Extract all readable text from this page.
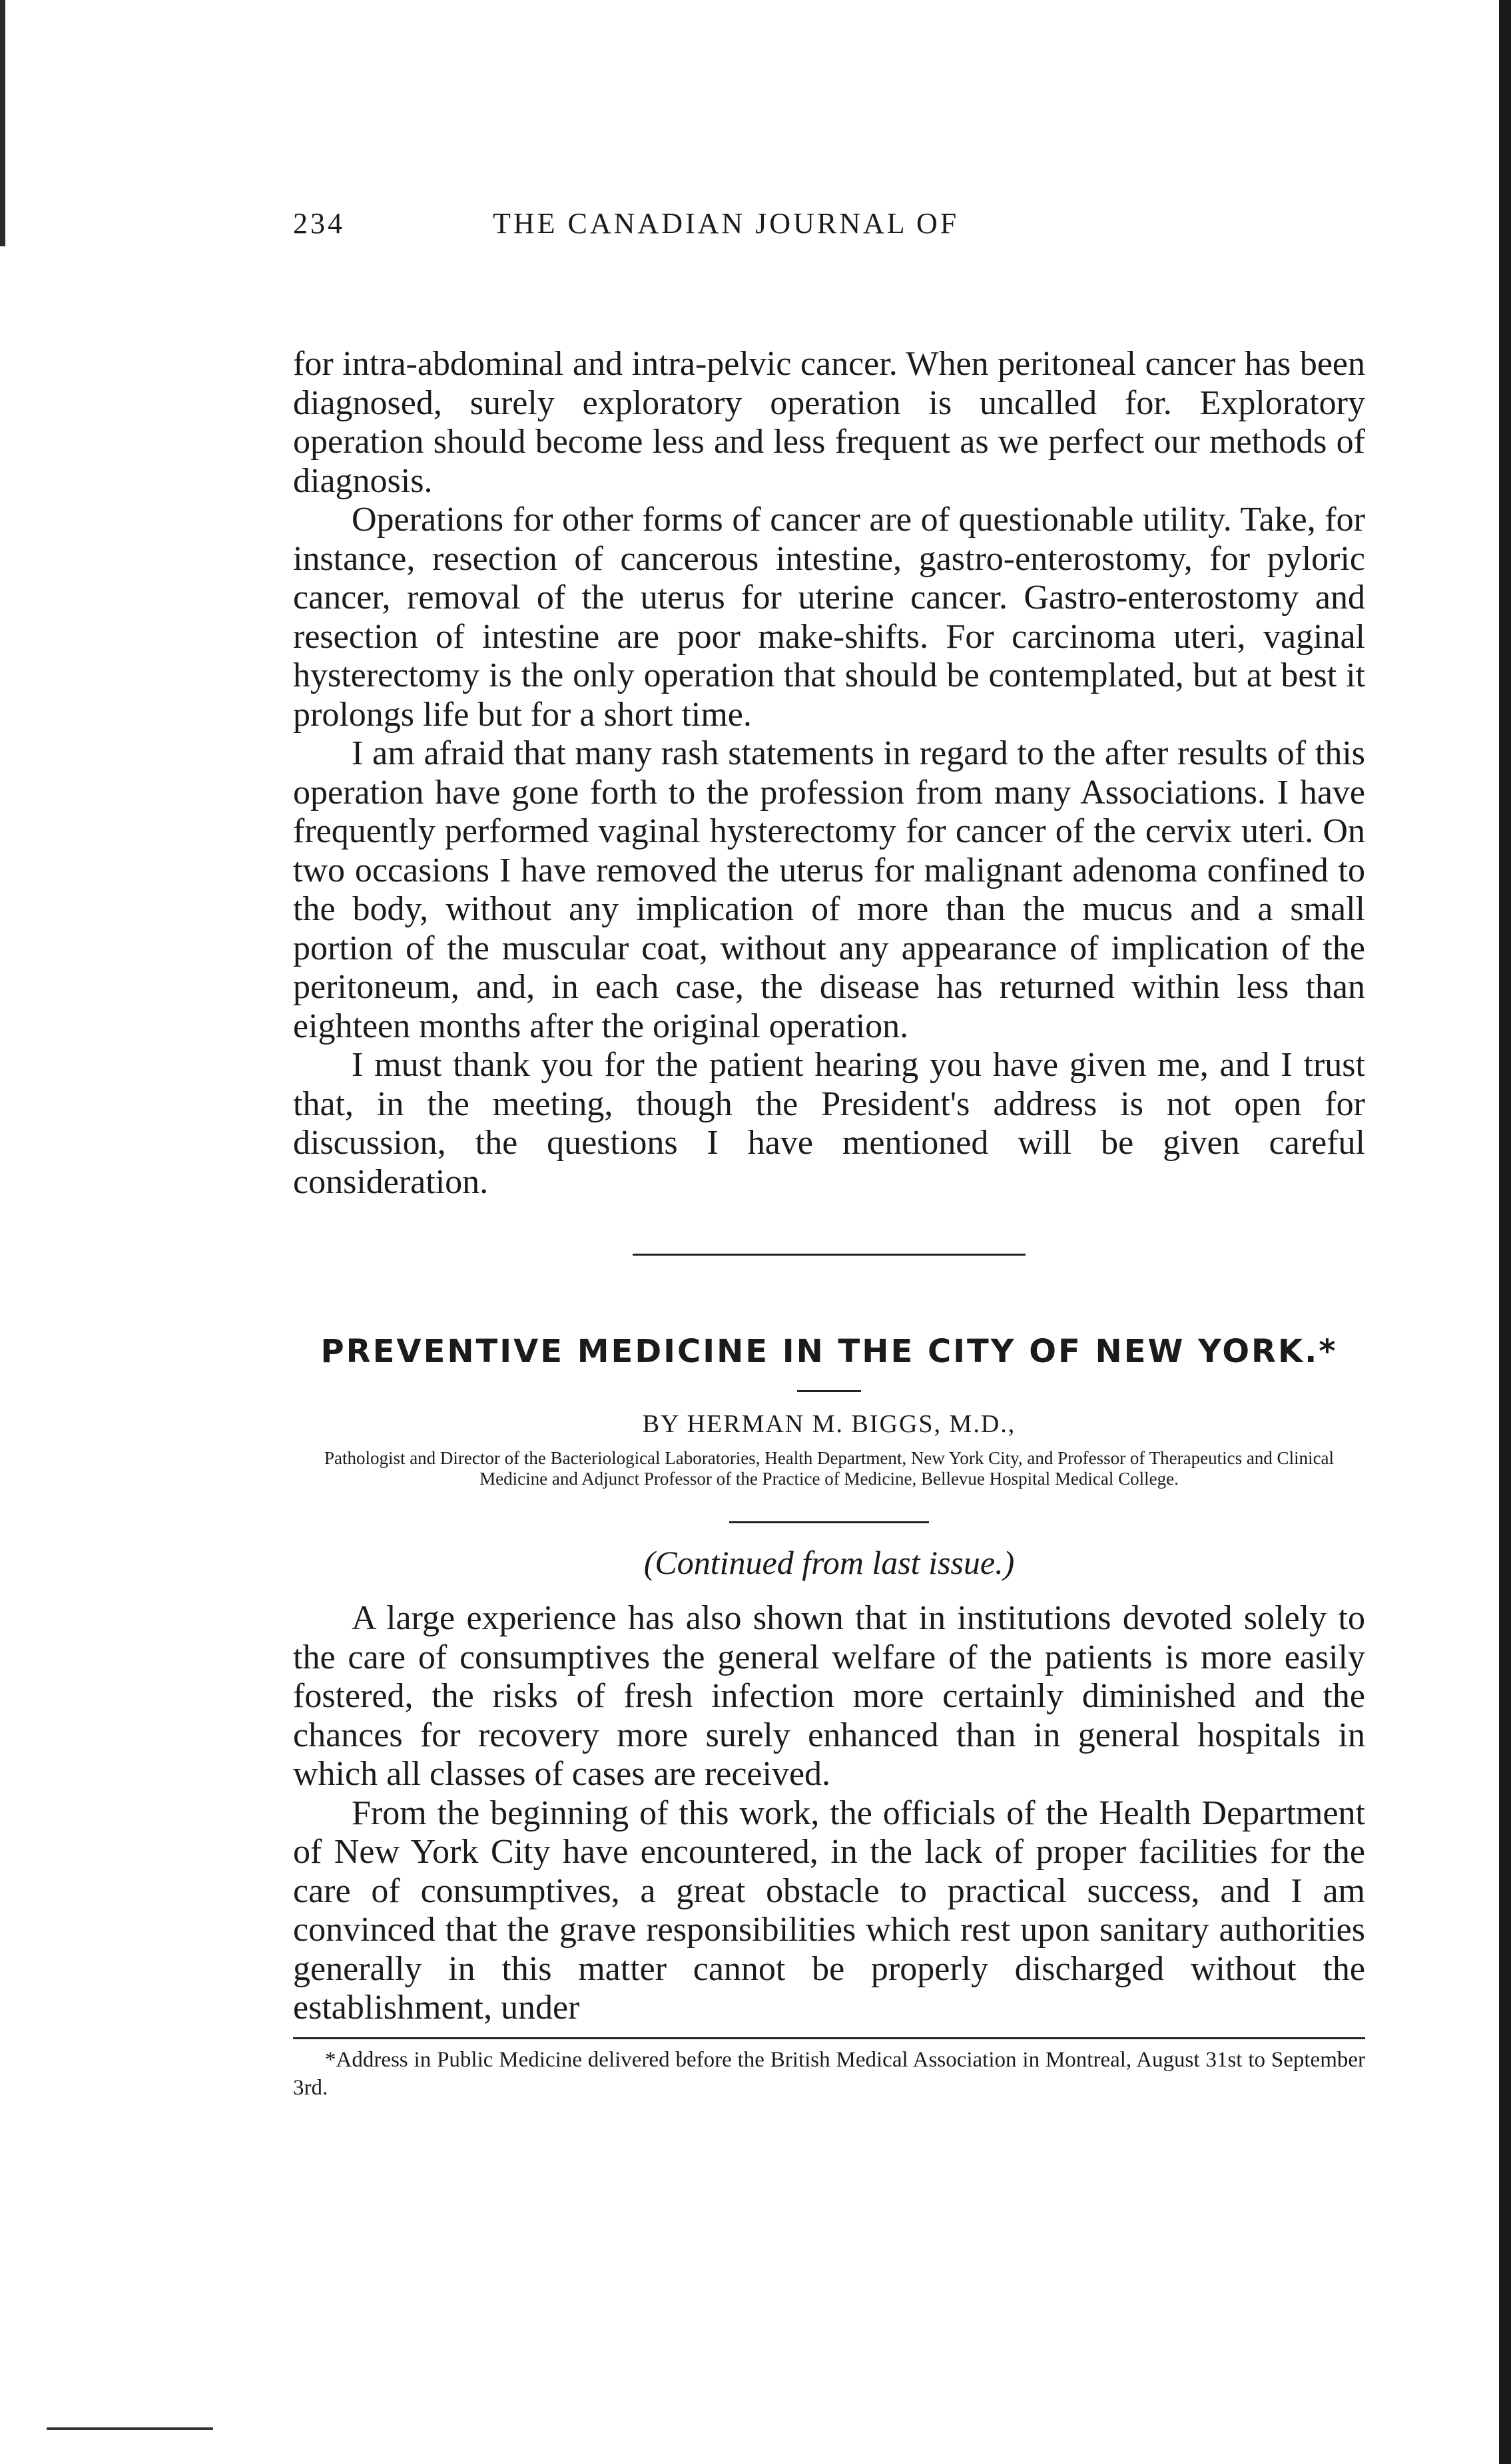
234	THE CANADIAN JOURNAL OF

for intra-abdominal and intra-pelvic cancer. When peritoneal cancer has been diagnosed, surely exploratory operation is uncalled for. Exploratory operation should become less and less frequent as we perfect our methods of diagnosis.

Operations for other forms of cancer are of questionable utility. Take, for instance, resection of cancerous intestine, gastro-enterostomy, for pyloric cancer, removal of the uterus for uterine cancer. Gastro-enterostomy and resection of intestine are poor make-shifts. For carcinoma uteri, vaginal hysterectomy is the only operation that should be contemplated, but at best it prolongs life but for a short time.

I am afraid that many rash statements in regard to the after results of this operation have gone forth to the profession from many Associations. I have frequently performed vaginal hysterectomy for cancer of the cervix uteri. On two occasions I have removed the uterus for malignant adenoma confined to the body, without any implication of more than the mucus and a small portion of the muscular coat, without any appearance of implication of the peritoneum, and, in each case, the disease has returned within less than eighteen months after the original operation.

I must thank you for the patient hearing you have given me, and I trust that, in the meeting, though the President's address is not open for discussion, the questions I have mentioned will be given careful consideration.

PREVENTIVE MEDICINE IN THE CITY OF NEW YORK.*
BY HERMAN M. BIGGS, M.D.,
Pathologist and Director of the Bacteriological Laboratories, Health Department, New York City, and Professor of Therapeutics and Clinical Medicine and Adjunct Professor of the Practice of Medicine, Bellevue Hospital Medical College.
(Continued from last issue.)

A large experience has also shown that in institutions devoted solely to the care of consumptives the general welfare of the patients is more easily fostered, the risks of fresh infection more certainly diminished and the chances for recovery more surely enhanced than in general hospitals in which all classes of cases are received.

From the beginning of this work, the officials of the Health Department of New York City have encountered, in the lack of proper facilities for the care of consumptives, a great obstacle to practical success, and I am convinced that the grave responsibilities which rest upon sanitary authorities generally in this matter cannot be properly discharged without the establishment, under

*Address in Public Medicine delivered before the British Medical Association in Montreal, August 31st to September 3rd.
